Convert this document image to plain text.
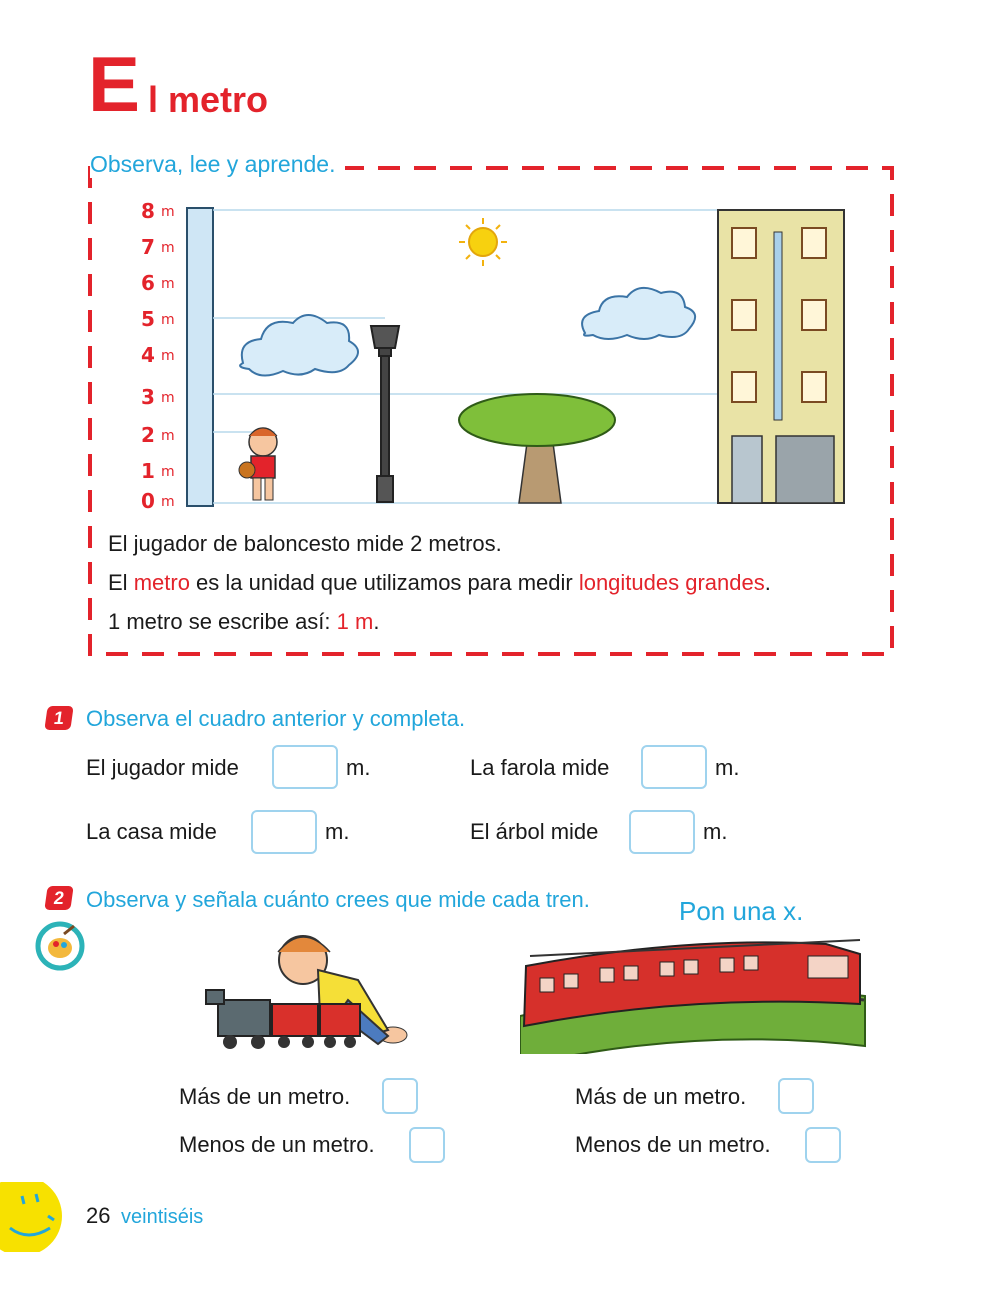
E l metro
Observa, lee y aprende.
8
7
6
5
4
3
2
1
0
m
m
m
m
m
m
m
m
m
El jugador de baloncesto mide 2 metros.
El metro es la unidad que utilizamos para medir longitudes grandes.
1 metro se escribe así: 1 m.
1 Observa el cuadro anterior y completa.
El jugador mide	m.	La farola mide	m.
La casa mide	m.	El árbol mide	m.
2 Observa y señala cuánto crees que mide cada tren.	Pon una x.
Más de un metro.
Menos de un metro.
Más de un metro.
Menos de un metro.
26 veintiséis
